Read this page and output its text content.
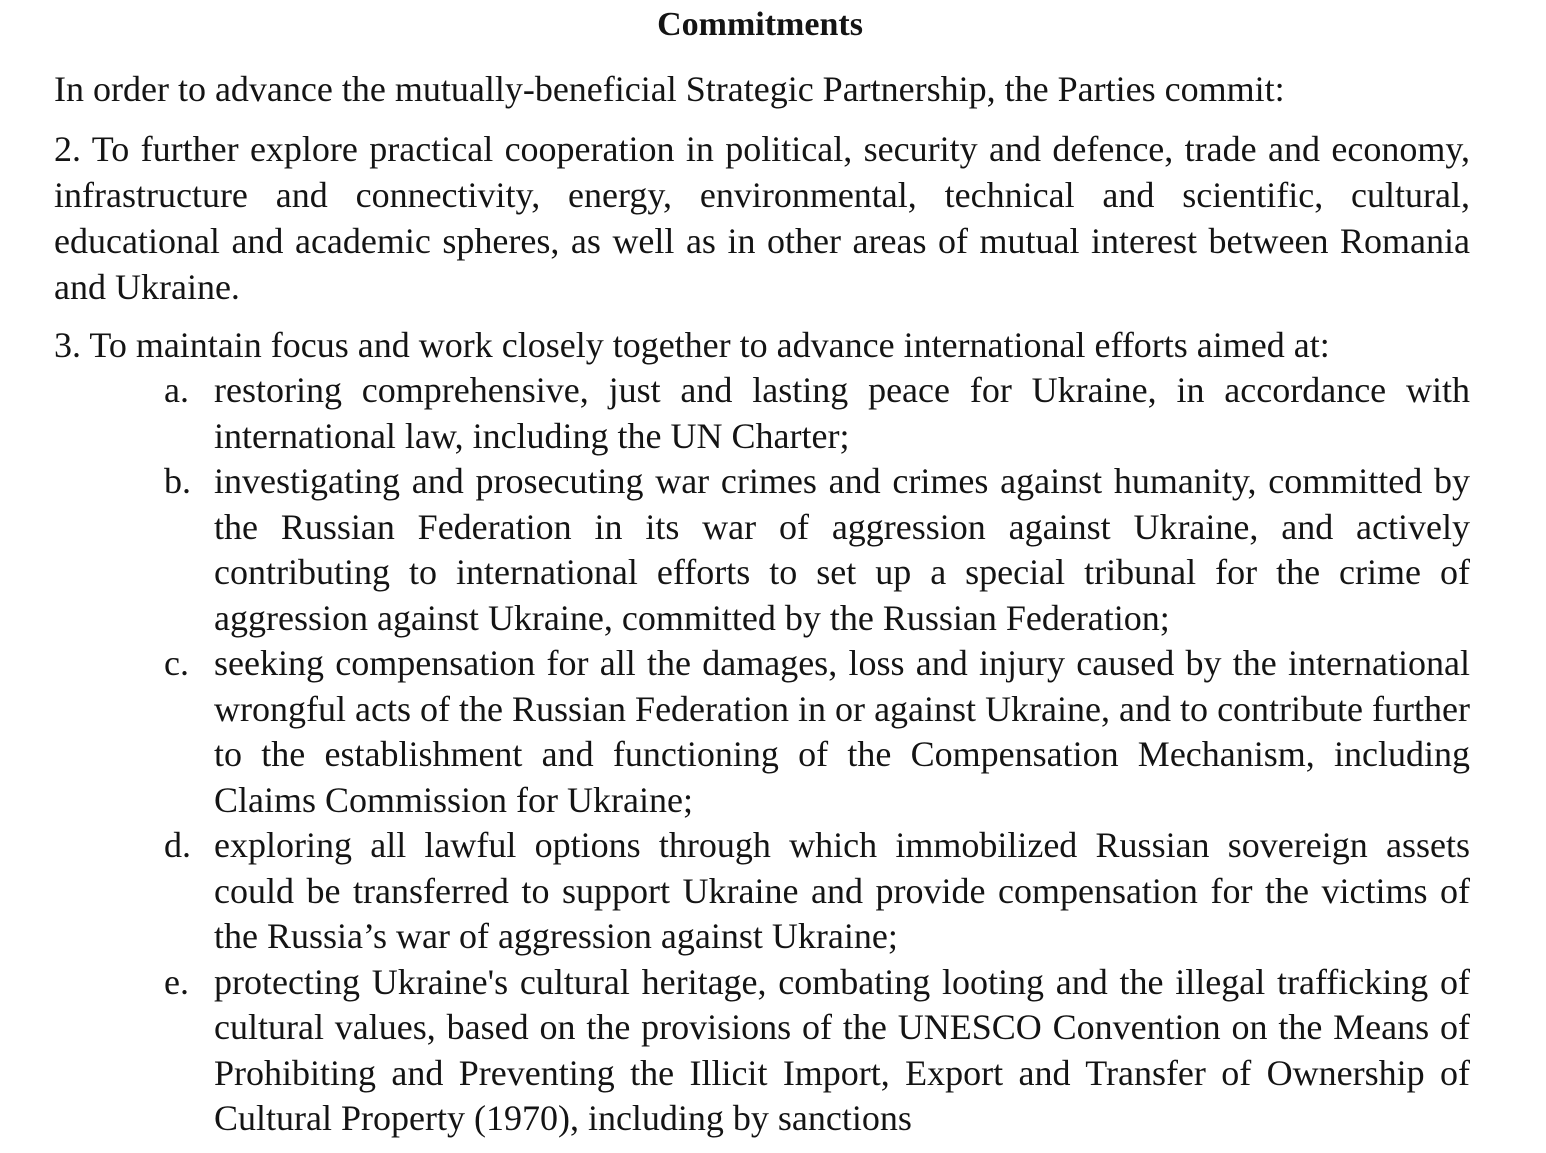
Commitments

In order to advance the mutually-beneficial Strategic Partnership, the Parties commit:

2. To further explore practical cooperation in political, security and defence, trade and economy, infrastructure and connectivity, energy, environmental, technical and scientific, cultural, educational and academic spheres, as well as in other areas of mutual interest between Romania and Ukraine.

3. To maintain focus and work closely together to advance international efforts aimed at:

a. restoring comprehensive, just and lasting peace for Ukraine, in accordance with international law, including the UN Charter;
b. investigating and prosecuting war crimes and crimes against humanity, committed by the Russian Federation in its war of aggression against Ukraine, and actively contributing to international efforts to set up a special tribunal for the crime of aggression against Ukraine, committed by the Russian Federation;
c. seeking compensation for all the damages, loss and injury caused by the international wrongful acts of the Russian Federation in or against Ukraine, and to contribute further to the establishment and functioning of the Compensation Mechanism, including Claims Commission for Ukraine;
d. exploring all lawful options through which immobilized Russian sovereign assets could be transferred to support Ukraine and provide compensation for the victims of the Russia’s war of aggression against Ukraine;
e. protecting Ukraine's cultural heritage, combating looting and the illegal trafficking of cultural values, based on the provisions of the UNESCO Convention on the Means of Prohibiting and Preventing the Illicit Import, Export and Transfer of Ownership of Cultural Property (1970), including by sanctions
